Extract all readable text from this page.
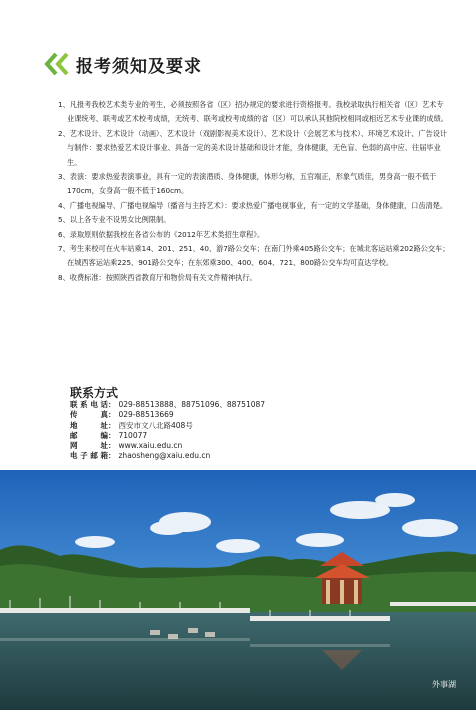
报考须知及要求
1、凡报考我校艺术类专业的考生，必须按照各省（区）招办规定的要求进行资格报考。我校录取执行相关省（区）艺术专业课统考、联考或艺术校考成绩，无统考、联考或校考成绩的省（区）可以承认其他院校相同或相近艺术专业课的成绩。
2、艺术设计、艺术设计（动画）、艺术设计（戏剧影视美术设计）、艺术设计（会展艺术与技术）、环境艺术设计、广告设计与制作：要求热爱艺术设计事业、具备一定的美术设计基础和设计才能，身体健康，无色盲、色弱的高中应、往届毕业生。
3、表演：要求热爱表演事业，具有一定的表演潜质、身体健康，体形匀称，五官端正，形象气质佳，男身高一般不低于170cm，女身高一般不低于160cm。
4、广播电视编导、广播电视编导（播音与主持艺术）：要求热爱广播电视事业，有一定的文学基础，身体健康，口齿清楚。
5、以上各专业不设男女比例限制。
6、录取原则依据我校在各省公布的《2012年艺术类招生章程》。
7、考生来校可在火车站乘14、201、251、40、游7路公交车；在南门外乘405路公交车；在城北客运站乘202路公交车；在城西客运站乘225、901路公交车；在东郊乘300、400、604、721、800路公交车均可直达学校。
8、收费标准：按照陕西省教育厅和物价局有关文件精神执行。
联系方式
联系电话 ： 029-88513888、88751096、88751087
传真 ： 029-88513669
地址 ： 西安市文八北路408号
邮编 ： 710077
网址 ： www.xaiu.edu.cn
电子邮箱 ： zhaosheng@xaiu.edu.cn
外事湖
